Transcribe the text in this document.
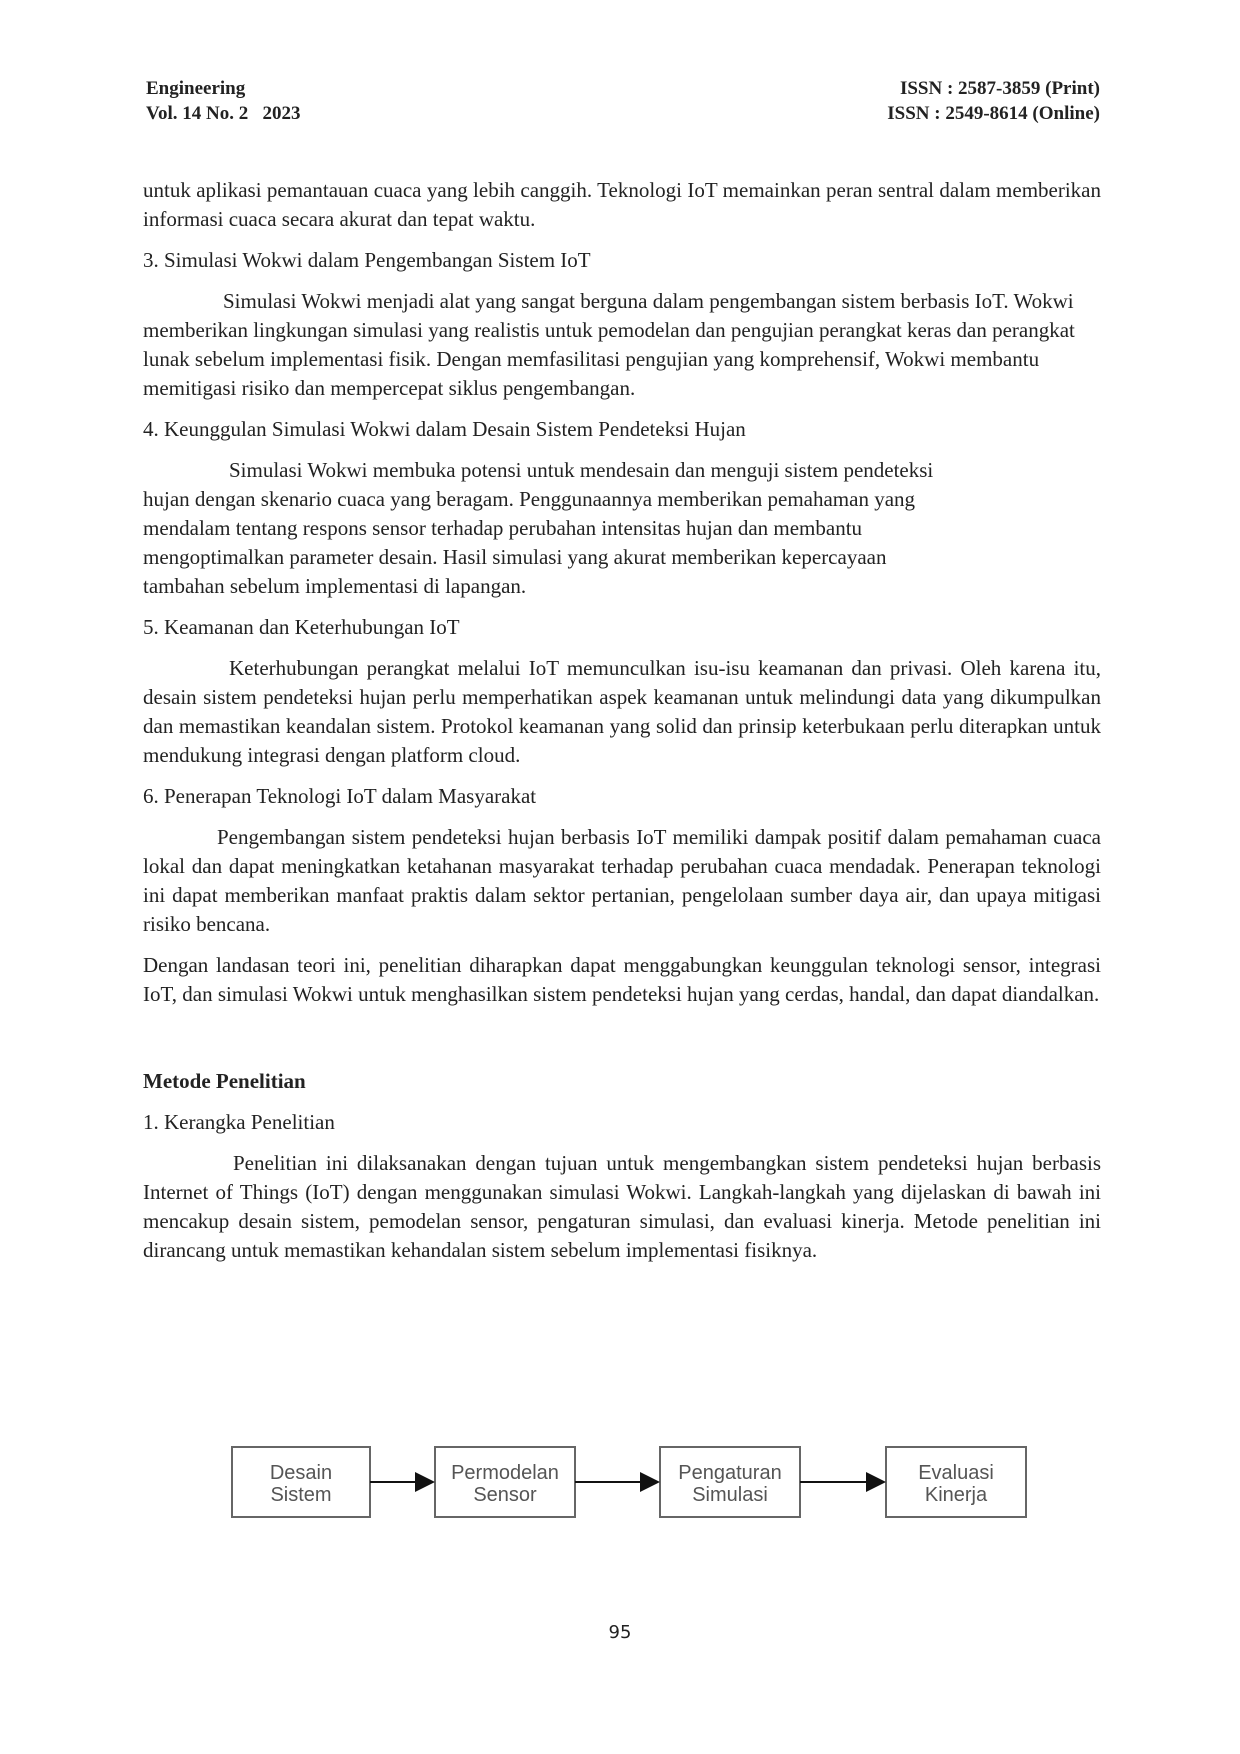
Engineering
Vol. 14 No. 2   2023
ISSN : 2587-3859 (Print)
ISSN : 2549-8614 (Online)

untuk aplikasi pemantauan cuaca yang lebih canggih. Teknologi IoT memainkan peran sentral dalam memberikan informasi cuaca secara akurat dan tepat waktu.

3. Simulasi Wokwi dalam Pengembangan Sistem IoT

Simulasi Wokwi menjadi alat yang sangat berguna dalam pengembangan sistem berbasis IoT. Wokwi memberikan lingkungan simulasi yang realistis untuk pemodelan dan pengujian perangkat keras dan perangkat lunak sebelum implementasi fisik. Dengan memfasilitasi pengujian yang komprehensif, Wokwi membantu memitigasi risiko dan mempercepat siklus pengembangan.

4. Keunggulan Simulasi Wokwi dalam Desain Sistem Pendeteksi Hujan

Simulasi Wokwi membuka potensi untuk mendesain dan menguji sistem pendeteksi hujan dengan skenario cuaca yang beragam. Penggunaannya memberikan pemahaman yang mendalam tentang respons sensor terhadap perubahan intensitas hujan dan membantu mengoptimalkan parameter desain. Hasil simulasi yang akurat memberikan kepercayaan tambahan sebelum implementasi di lapangan.

5. Keamanan dan Keterhubungan IoT

Keterhubungan perangkat melalui IoT memunculkan isu-isu keamanan dan privasi. Oleh karena itu, desain sistem pendeteksi hujan perlu memperhatikan aspek keamanan untuk melindungi data yang dikumpulkan dan memastikan keandalan sistem. Protokol keamanan yang solid dan prinsip keterbukaan perlu diterapkan untuk mendukung integrasi dengan platform cloud.

6. Penerapan Teknologi IoT dalam Masyarakat

Pengembangan sistem pendeteksi hujan berbasis IoT memiliki dampak positif dalam pemahaman cuaca lokal dan dapat meningkatkan ketahanan masyarakat terhadap perubahan cuaca mendadak. Penerapan teknologi ini dapat memberikan manfaat praktis dalam sektor pertanian, pengelolaan sumber daya air, dan upaya mitigasi risiko bencana.

Dengan landasan teori ini, penelitian diharapkan dapat menggabungkan keunggulan teknologi sensor, integrasi IoT, dan simulasi Wokwi untuk menghasilkan sistem pendeteksi hujan yang cerdas, handal, dan dapat diandalkan.

Metode Penelitian

1. Kerangka Penelitian

Penelitian ini dilaksanakan dengan tujuan untuk mengembangkan sistem pendeteksi hujan berbasis Internet of Things (IoT) dengan menggunakan simulasi Wokwi. Langkah-langkah yang dijelaskan di bawah ini mencakup desain sistem, pemodelan sensor, pengaturan simulasi, dan evaluasi kinerja. Metode penelitian ini dirancang untuk memastikan kehandalan sistem sebelum implementasi fisiknya.

Desain
Sistem
Permodelan
Sensor
Pengaturan
Simulasi
Evaluasi
Kinerja
95
